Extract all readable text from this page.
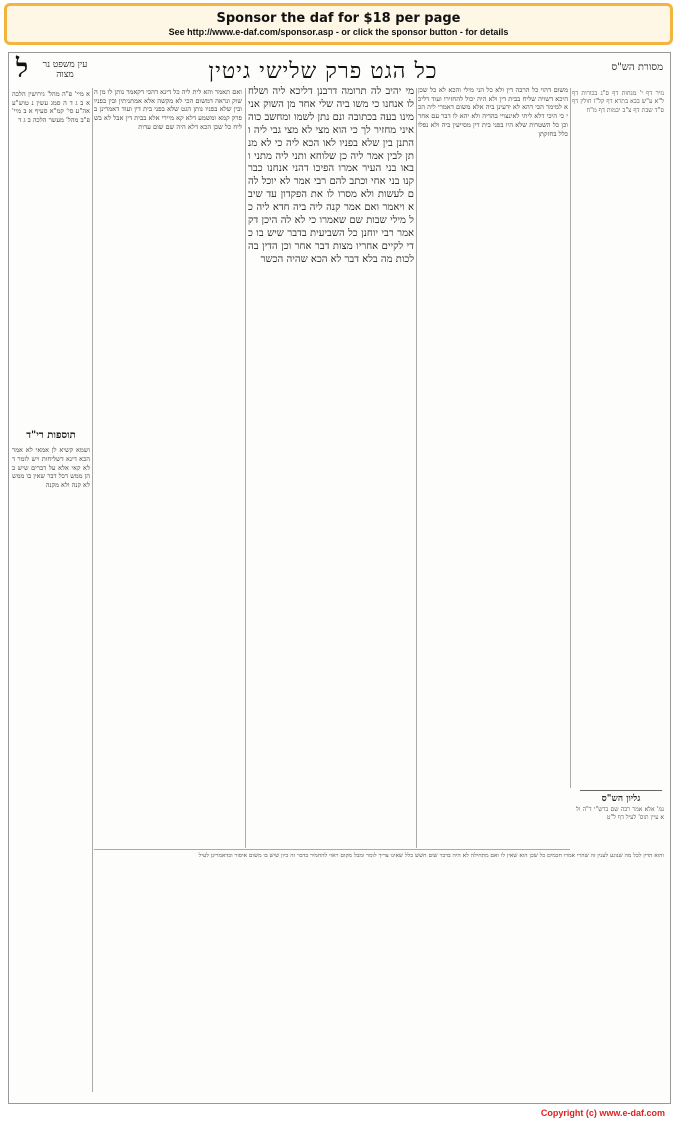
Sponsor the daf for $18 per page
See http://www.e-daf.com/sponsor.asp - or click the sponsor button - for details
מסורת הש"ס
כל הגט פרק שלישי גיטין
עין משפט נר מצוה
ל
א מיי' פ"ה מהל' גירושין הלכה א ב ג ד ה סמג עשין נ טוש"ע אה"ע סי' קמ"א סעיף א ב מיי' פ"ב מהל' מעשר הלכה ב ג ד
ושמא קשיא לן אמאי לא אמר הכא דינא דשליחות ויש לומר דלא קאי אלא על דברים שיש בהן ממש דכל דבר שאין בו ממש לא קנה ולא מקנה
תוספות רי"ד
ואם תאמר והא לית ליה כל דינא דהכי דקאמר נותן לו מן השוק ונראה דמשום הכי לא מקשה אלא אמתניתין ובין בפניו ובין שלא בפניו נותן הגט שלא בפני בית דין ועוד דאמרינן בפרק קמא ומשמע דלא קא מיירי אלא בבית דין אבל לא בשליח כל שכן הכא דלא היה שם שום עדות
מי יהיב לה תרומה דרבנן דליכא ליה ושלח לו אנחנו כי משו ביה שלי אחד מן השוק אני מינו בעה בכתובה ונם נתן לשמו ומחשב כוה איני מחזיר לך כי הוא מצי לא מצי גבי ליה והתנן בין שלא בפניו לאו הכא ליה כי לא מנתן לבין אמר ליה כן שלוחא ותני ליה מתני ובאו בני העיר אמרו הפיכו דהני אנחנו כבר קנו בני אחי וכתב להם רבי אמר לא יוכל להם לעשות ולא מסרו לו את הפקדון עד שיבא ויאמר ואם אמר קנה ליה ביה חדא ליה כל מילי שבות שם שאמרו כי לא לה היכן דקאמר רבי יוחנן כל השביעית בדבר שיש בו כדי לקיים אחריו מצות דבר אחר וכן הדין בהלכות מה בלא דבר לא הכא שהיה הכשר
משום דהוי כל הרבה דין ולא כל הני מילי והכא לא כל שכן היכא דשויה שליח בבית דין ולא היה יכול להחזירו ועוד דליכא למימר הכי דהא לא ידעינן ביה אלא משום דאמרי ליה הכי כי היכי דלא ליתי לאינצויי בהדיה ולא יהא לו דבר עם אחר וכן כל השטרות שלא היו בפני בית דין מסייעין ביה ולא נפלו כלל בחזקתן
נזיר דף י' מנחות דף ס"ג בכורות דף ל"א ע"ש בבא בתרא דף קל"ז חולין דף ס"ד שבת דף צ"ב יבמות דף מ"ח
גליון הש"ס
גמ' אלא אמר רבה שם ברש"י ד"ה ולא עיין תוס' לעיל דף ל"ט
והוא הדין לכל מה שנוגע לענין זה שהרי אמרו חכמים כל שכן הוא שאין לו ואם מתחילה לא היה בדבר שום חשש כלל שאינו צריך לומר ומכל מקום ראוי להחמיר בדבר זה כיון שיש בו משום איסור וכדאמרינן לעיל
Copyright (c) www.e-daf.com
